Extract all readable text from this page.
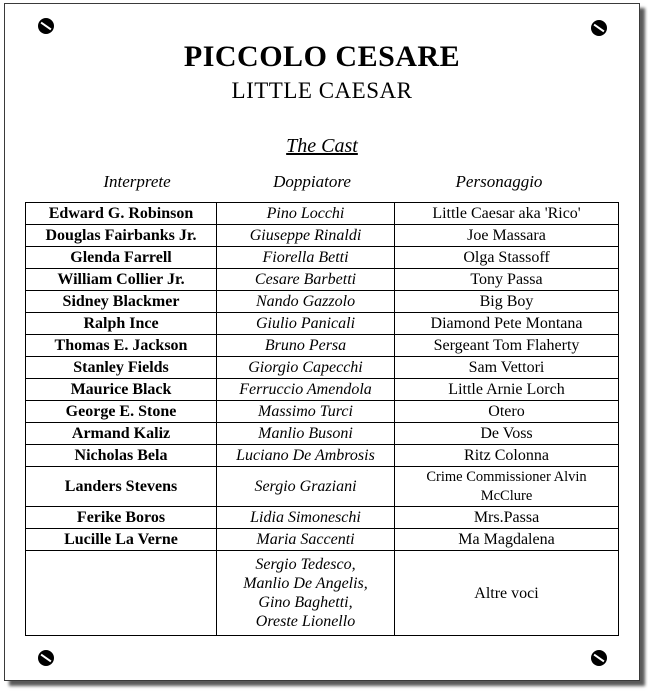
PICCOLO CESARE
LITTLE CAESAR
The Cast
Interprete	Doppiatore	Personaggio
Edward G. Robinson	Pino Locchi	Little Caesar aka 'Rico'
Douglas Fairbanks Jr.	Giuseppe Rinaldi	Joe Massara
Glenda Farrell	Fiorella Betti	Olga Stassoff
William Collier Jr.	Cesare Barbetti	Tony Passa
Sidney Blackmer	Nando Gazzolo	Big Boy
Ralph Ince	Giulio Panicali	Diamond Pete Montana
Thomas E. Jackson	Bruno Persa	Sergeant Tom Flaherty
Stanley Fields	Giorgio Capecchi	Sam Vettori
Maurice Black	Ferruccio Amendola	Little Arnie Lorch
George E. Stone	Massimo Turci	Otero
Armand Kaliz	Manlio Busoni	De Voss
Nicholas Bela	Luciano De Ambrosis	Ritz Colonna
Landers Stevens	Sergio Graziani	Crime Commissioner Alvin McClure
Ferike Boros	Lidia Simoneschi	Mrs.Passa
Lucille La Verne	Maria Saccenti	Ma Magdalena

	Sergio Tedesco,
Manlio De Angelis,
Gino Baghetti,
Oreste Lionello	Altre voci
